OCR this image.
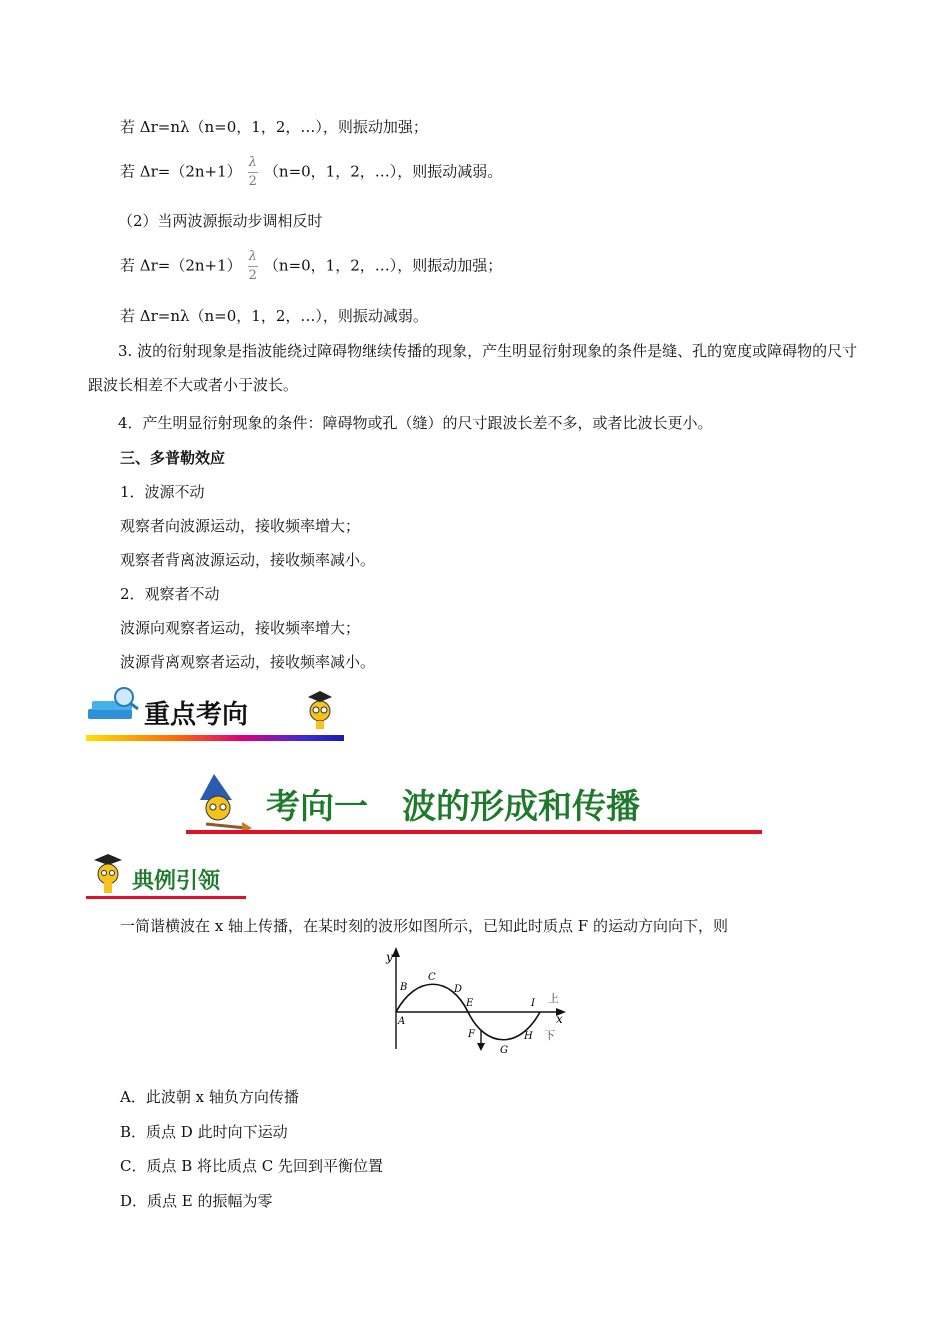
若 Δr=nλ（n=0，1，2，…），则振动加强；
若 $\Delta r=(2n+1) \frac{\lambda}{2} (n=0$，1，2，…），则振动减弱。
（2）当两波源振动步调相反时
若 $\Delta r=(2n+1) \frac{\lambda}{2} (n=0$，1，2，…），则振动加强；
若 Δr=nλ（n=0，1，2，…），则振动减弱。
3. 波的衍射现象是指波能绕过障碍物继续传播的现象，产生明显衍射现象的条件是缝、孔的宽度或障碍物的尺寸跟波长相差不大或者小于波长。
4．产生明显衍射现象的条件：障碍物或孔（缝）的尺寸跟波长差不多，或者比波长更小。
三、多普勒效应
1．波源不动
观察者向波源运动，接收频率增大；
观察者背离波源运动，接收频率减小。
2．观察者不动
波源向观察者运动，接收频率增大；
波源背离观察者运动，接收频率减小。
重点考向
考向一　波的形成和传播
典例引领
一简谐横波在 x 轴上传播，在某时刻的波形如图所示，已知此时质点 F 的运动方向向下，则
y
x
A
B
C
D
E
F
G
H
I 上
下
A．此波朝 x 轴负方向传播
B．质点 D 此时向下运动
C．质点 B 将比质点 C 先回到平衡位置
D．质点 E 的振幅为零
